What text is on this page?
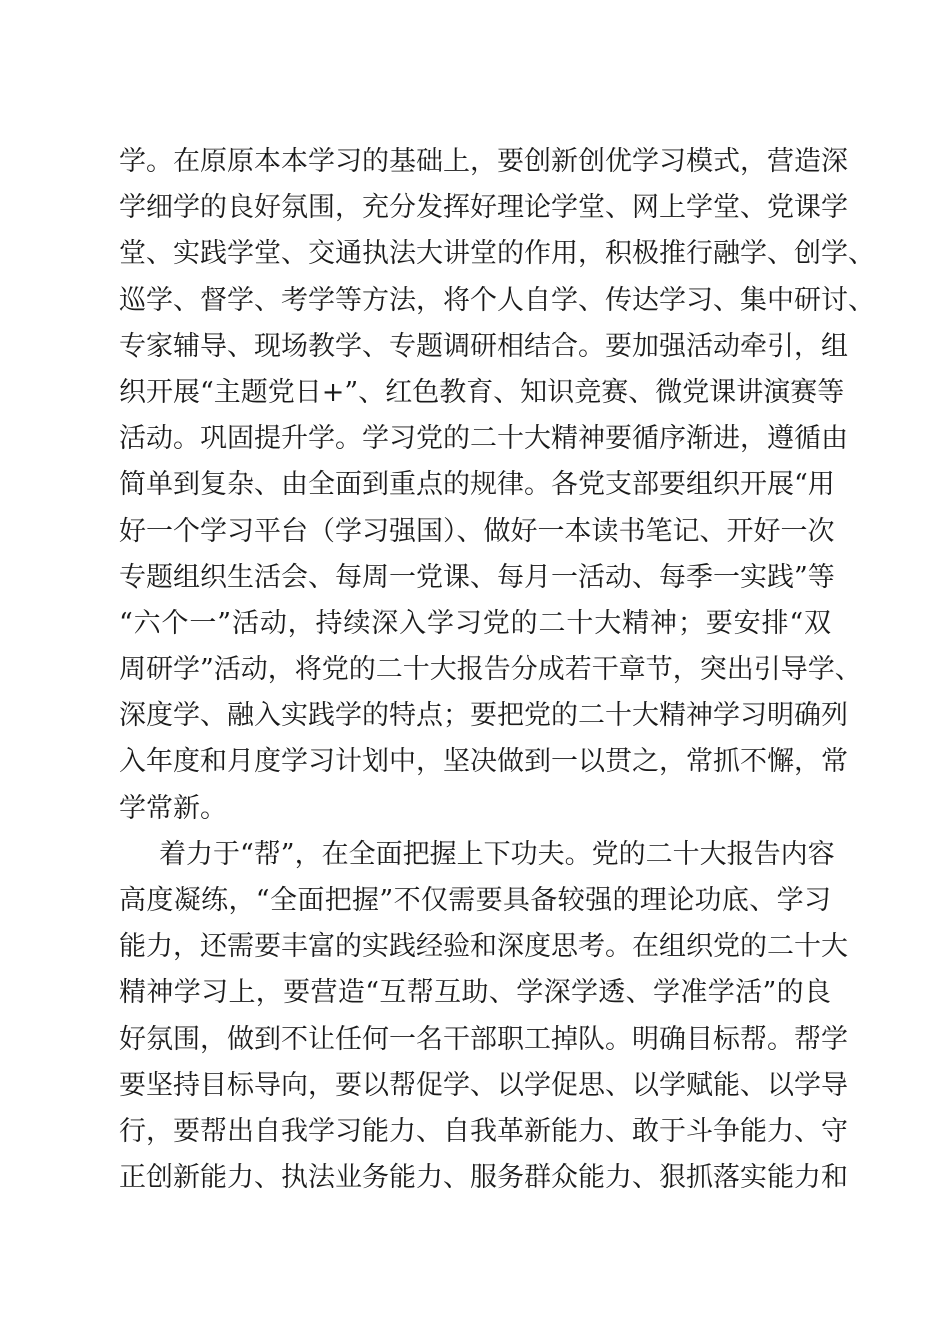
学。在原原本本学习的基础上，要创新创优学习模式，营造深
学细学的良好氛围，充分发挥好理论学堂、网上学堂、党课学
堂、实践学堂、交通执法大讲堂的作用，积极推行融学、创学、
巡学、督学、考学等方法，将个人自学、传达学习、集中研讨、
专家辅导、现场教学、专题调研相结合。要加强活动牵引，组
织开展“主题党日+”、红色教育、知识竞赛、微党课讲演赛等
活动。巩固提升学。学习党的二十大精神要循序渐进，遵循由
简单到复杂、由全面到重点的规律。各党支部要组织开展“用
好一个学习平台（学习强国）、做好一本读书笔记、开好一次
专题组织生活会、每周一党课、每月一活动、每季一实践”等
“六个一”活动，持续深入学习党的二十大精神；要安排“双
周研学”活动，将党的二十大报告分成若干章节，突出引导学、
深度学、融入实践学的特点；要把党的二十大精神学习明确列
入年度和月度学习计划中，坚决做到一以贯之，常抓不懈，常
学常新。
着力于“帮”，在全面把握上下功夫。党的二十大报告内容
高度凝练，“全面把握”不仅需要具备较强的理论功底、学习
能力，还需要丰富的实践经验和深度思考。在组织党的二十大
精神学习上，要营造“互帮互助、学深学透、学准学活”的良
好氛围，做到不让任何一名干部职工掉队。明确目标帮。帮学
要坚持目标导向，要以帮促学、以学促思、以学赋能、以学导
行，要帮出自我学习能力、自我革新能力、敢于斗争能力、守
正创新能力、执法业务能力、服务群众能力、狠抓落实能力和
